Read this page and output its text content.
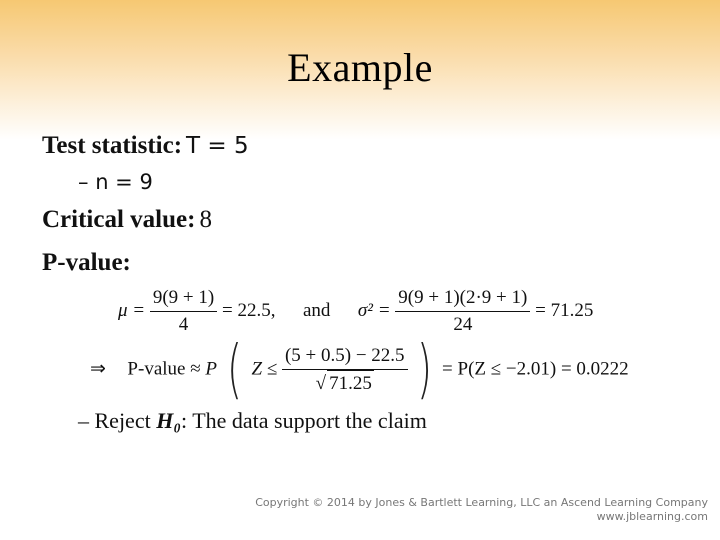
Example
Test statistic: T = 5
– n = 9
Critical value: 8
P-value:
$\mu = \frac{9(9 + 1)}{4} = 22.5$, and $\sigma^2 = \frac{9(9 + 1)(2\cdot 9 + 1)}{24} = 71.25$
⇒ P-value ≈ P ( $Z \le \frac{(5 + 0.5) - 22.5}{√ 71.25}$ ) = P(Z ≤ −2.01) = 0.0222
– Reject H₀: The data support the claim
Copyright © 2014 by Jones & Bartlett Learning, LLC an Ascend Learning Company
www.jblearning.com
